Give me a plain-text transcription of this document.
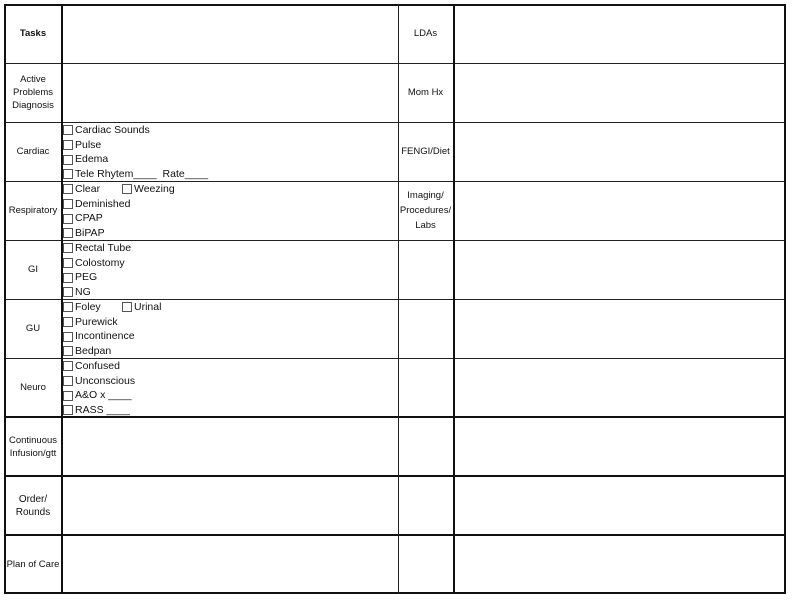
Tasks
Active Problems Diagnosis
Cardiac
Respiratory
GI
GU
Neuro
Continuous Infusion/gtt
Order/ Rounds
Plan of Care
LDAs
Mom Hx
FENGI/Diet
Imaging/ Procedures/ Labs
Cardiac Sounds
Pulse
Edema
Tele Rhytem____  Rate____
Clear	Weezing
Deminished
CPAP
BiPAP
Rectal Tube
Colostomy
PEG
NG
Foley	Urinal
Purewick
Incontinence
Bedpan
Confused
Unconscious
A&O x ____
RASS ____
